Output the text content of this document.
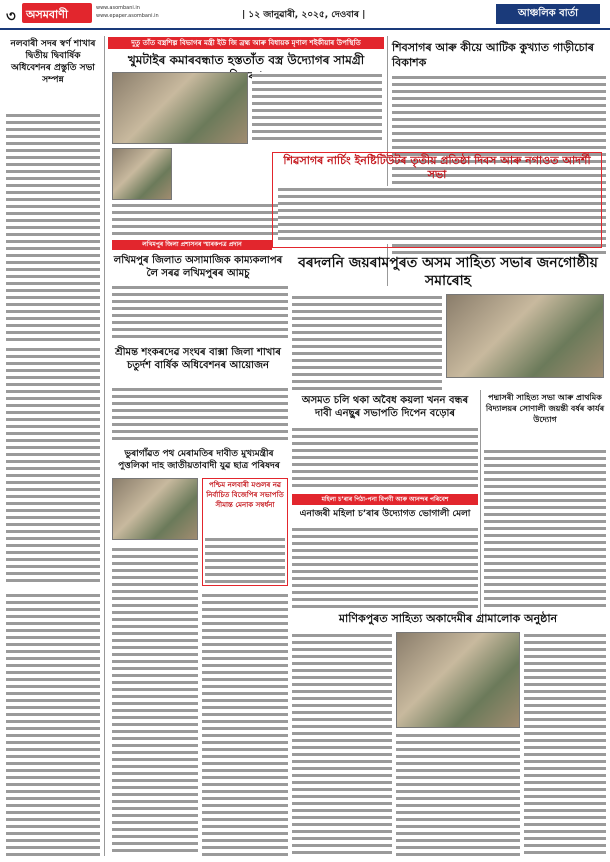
৩ অসমবাণী	www.asombani.in
www.epaper.asombani.in	| ১২ জানুৱাৰী, ২০২৫, দেওবাৰ |	আঞ্চলিক বাৰ্তা
নলবাৰী সদৰ স্বৰ্ণ শাখাৰ দ্বিতীয় দ্বিবাৰ্ষিক অধিবেশনৰ প্ৰস্তুতি সভা সম্পন্ন
দুতু তাঁত বস্ত্ৰশিল্প বিভাগৰ মন্ত্ৰী ইউ জি ব্ৰহ্ম আৰু বিধায়ক মৃণাল শইকীয়াৰ উপস্থিতি
খুমটাইৰ কমাৰবন্ধাত হস্ততাঁত বস্ত্ৰ উদ্যোগৰ সামগ্ৰী
শিবসাগৰ আৰু কীয়ে আটিক কুখ্যাত গাড়ীচোৰ বিকাশক
শিৱসাগৰ নাৰ্চিং ইনষ্টিটিউটৰ তৃতীয় প্ৰতিষ্ঠা দিবস আৰু নগাওত আদৰ্শী সভা
লখিমপুৰ জিলা প্ৰশাসনৰ স্মাৰকপত্ৰ প্ৰদান
লখিমপুৰ জিলাত অসামাজিক কাম্যকলাপৰ লৈ সৰৱ লখিমপুৰৰ আমচু
বৰদলনি জয়ৰামপুৰত অসম সাহিত্য সভাৰ জনগোষ্ঠীয় সমাৰোহ
শ্ৰীমন্ত শংকৰদেৱ সংঘৰ বাক্সা জিলা শাখাৰ চতুৰ্দশ বাৰ্ষিক অধিবেশনৰ আয়োজন
অসমত চলি থকা অবৈধ কয়লা খনন বন্ধৰ দাবী এনছুৰ সভাপতি দিপেন বড়োৰ
পদ্মাসৰী সাহিত্য সভা আৰু প্ৰাথমিক বিদ্যালয়ৰ সোণালী জয়ন্তী বৰ্ষৰ কাৰ্যৰ উদ্যোগ
ভুৰাগাঁৱত পথ মেৰামতিৰ দাবীত মুখ্যমন্ত্ৰীৰ পুত্তলিকা দাহ জাতীয়তাবাদী যুৱ ছাত্ৰ পৰিষদৰ
পশ্চিম নলবাৰী মণ্ডলৰ নৱ নিৰ্বাচিত বিজেপিৰ সভাপতি সীমান্ত মেনাক সম্বৰ্ধনা
মহিলা চ’ৰাৰ পিঠা-পনা বিপণী আৰু আনন্দৰ পৰিবেশ
এনাজৰী মহিলা চ’ৰাৰ উদ্যোগত ভোগালী মেলা
মাণিকপুৰত সাহিত্য অকাদেমীৰ গ্ৰামালোক অনুষ্ঠান
